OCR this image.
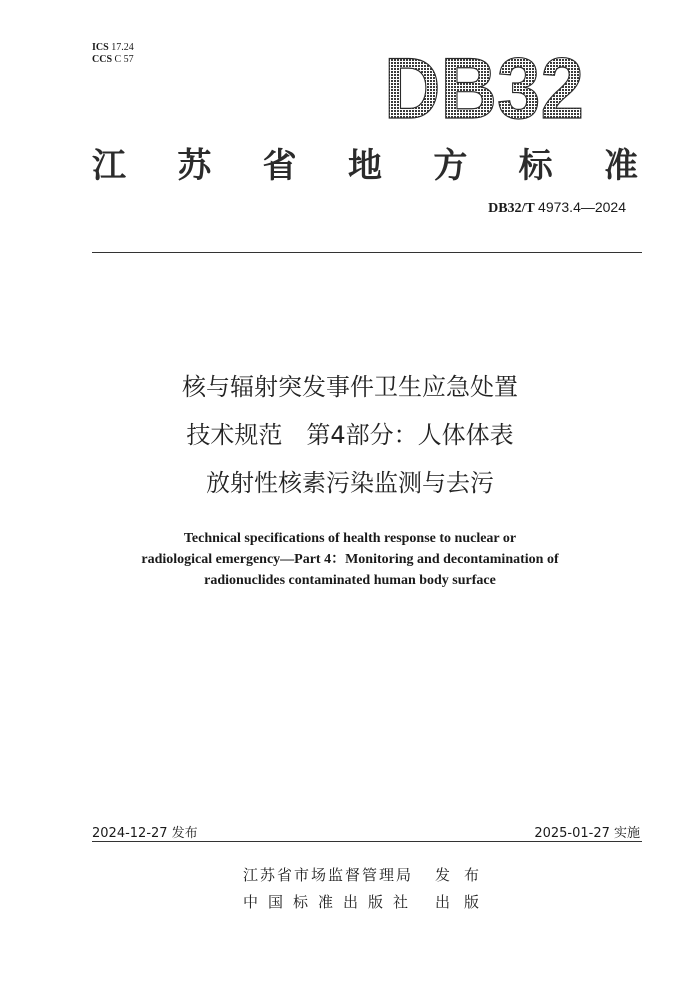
ICS 17.24
CCS C 57	DB32
江 苏 省 地 方 标 准
DB32/T 4973.4—2024
核与辐射突发事件卫生应急处置
技术规范　第4部分：人体体表
放射性核素污染监测与去污
Technical specifications of health response to nuclear or
radiological emergency—Part 4：Monitoring and decontamination of
radionuclides contaminated human body surface
2024-12-27 发布	2025-01-27 实施
江苏省市场监督管理局	发布
中国标准出版社	出版
